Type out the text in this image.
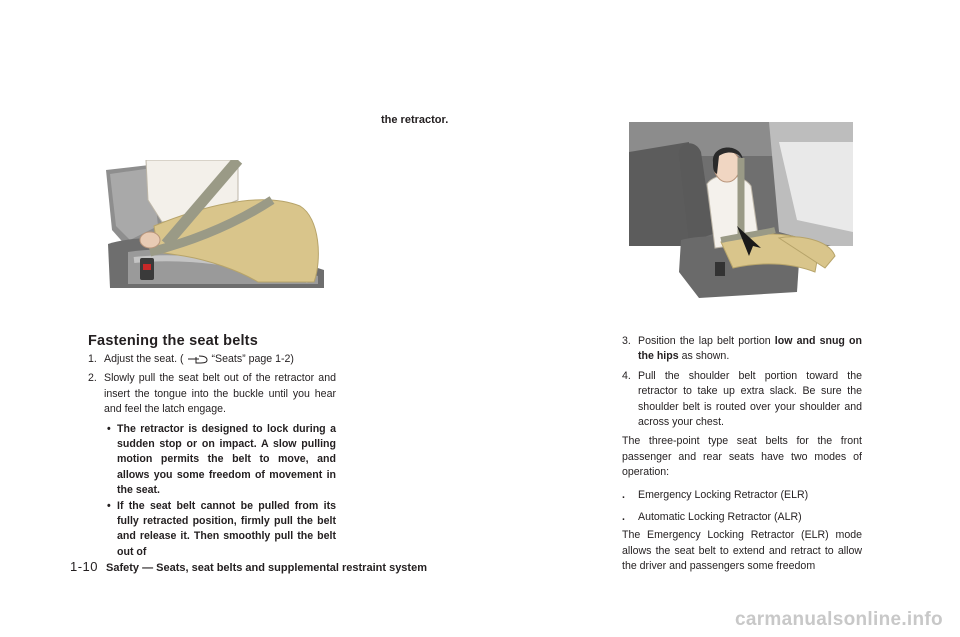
the retractor.
Fastening the seat belts
1. Adjust the seat. (	“Seats” page 1-2)
2. Slowly pull the seat belt out of the retractor and insert the tongue into the buckle until you hear and feel the latch engage.
• The retractor is designed to lock during a sudden stop or on impact. A slow pulling motion permits the belt to move, and allows you some freedom of movement in the seat.
• If the seat belt cannot be pulled from its fully retracted position, firmly pull the belt and release it. Then smoothly pull the belt out of
3. Position the lap belt portion low and snug on the hips as shown.
4. Pull the shoulder belt portion toward the retractor to take up extra slack. Be sure the shoulder belt is routed over your shoulder and across your chest.
The three-point type seat belts for the front passenger and rear seats have two modes of operation:
. Emergency Locking Retractor (ELR)
. Automatic Locking Retractor (ALR)
The Emergency Locking Retractor (ELR) mode allows the seat belt to extend and retract to allow the driver and passengers some freedom
1-10 Safety — Seats, seat belts and supplemental restraint system
carmanualsonline.info
